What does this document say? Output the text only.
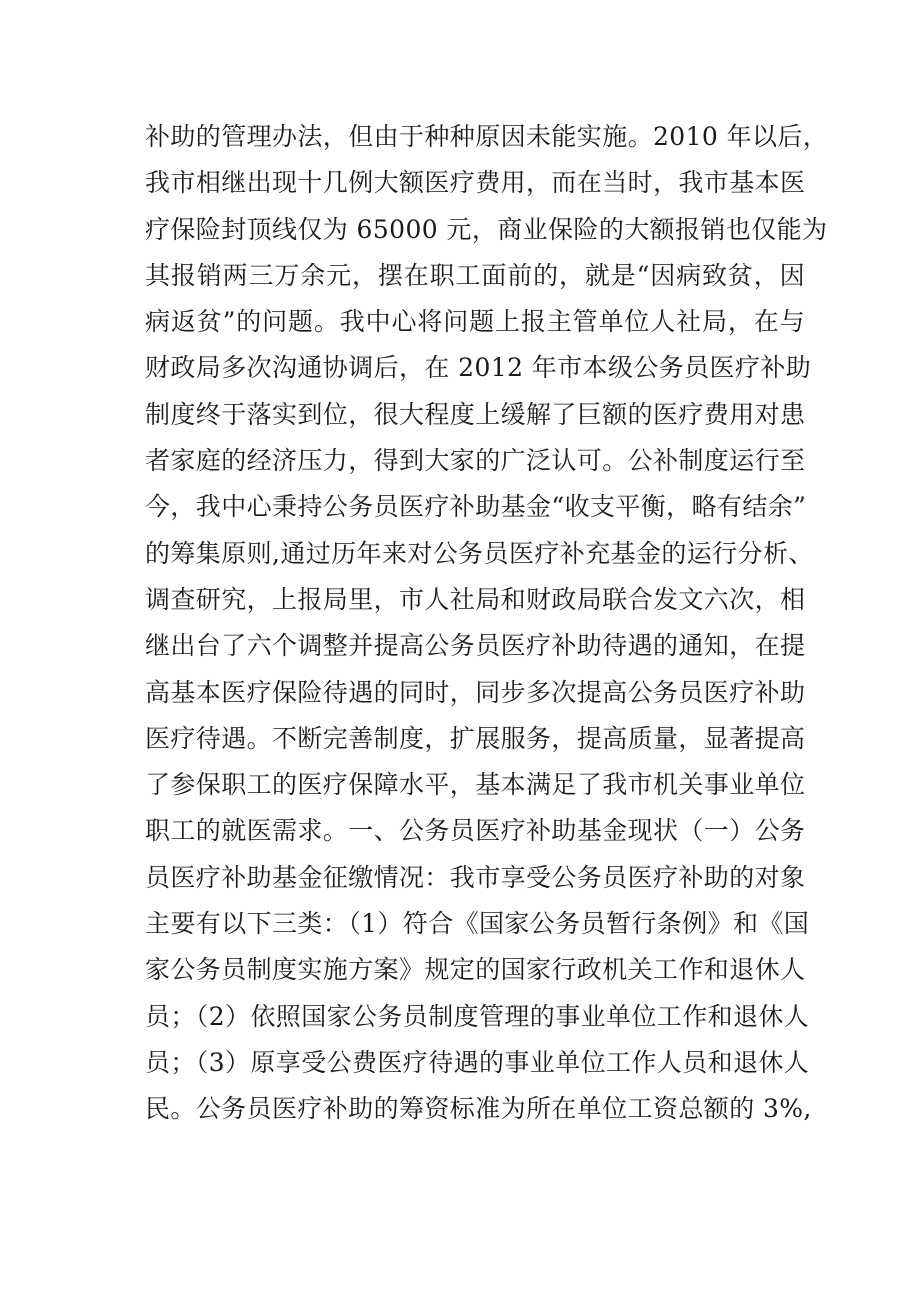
补助的管理办法，但由于种种原因未能实施。2010 年以后，
我市相继出现十几例大额医疗费用，而在当时，我市基本医
疗保险封顶线仅为 65000 元，商业保险的大额报销也仅能为
其报销两三万余元，摆在职工面前的，就是“因病致贫，因
病返贫”的问题。我中心将问题上报主管单位人社局，在与
财政局多次沟通协调后，在 2012 年市本级公务员医疗补助
制度终于落实到位，很大程度上缓解了巨额的医疗费用对患
者家庭的经济压力，得到大家的广泛认可。公补制度运行至
今，我中心秉持公务员医疗补助基金“收支平衡，略有结余”
的筹集原则,通过历年来对公务员医疗补充基金的运行分析、
调查研究，上报局里，市人社局和财政局联合发文六次，相
继出台了六个调整并提高公务员医疗补助待遇的通知，在提
高基本医疗保险待遇的同时，同步多次提高公务员医疗补助
医疗待遇。不断完善制度，扩展服务，提高质量，显著提高
了参保职工的医疗保障水平，基本满足了我市机关事业单位
职工的就医需求。一、公务员医疗补助基金现状（一）公务
员医疗补助基金征缴情况：我市享受公务员医疗补助的对象
主要有以下三类：（1）符合《国家公务员暂行条例》和《国
家公务员制度实施方案》规定的国家行政机关工作和退休人
员；（2）依照国家公务员制度管理的事业单位工作和退休人
员；（3）原享受公费医疗待遇的事业单位工作人员和退休人
民。公务员医疗补助的筹资标准为所在单位工资总额的 3%,
